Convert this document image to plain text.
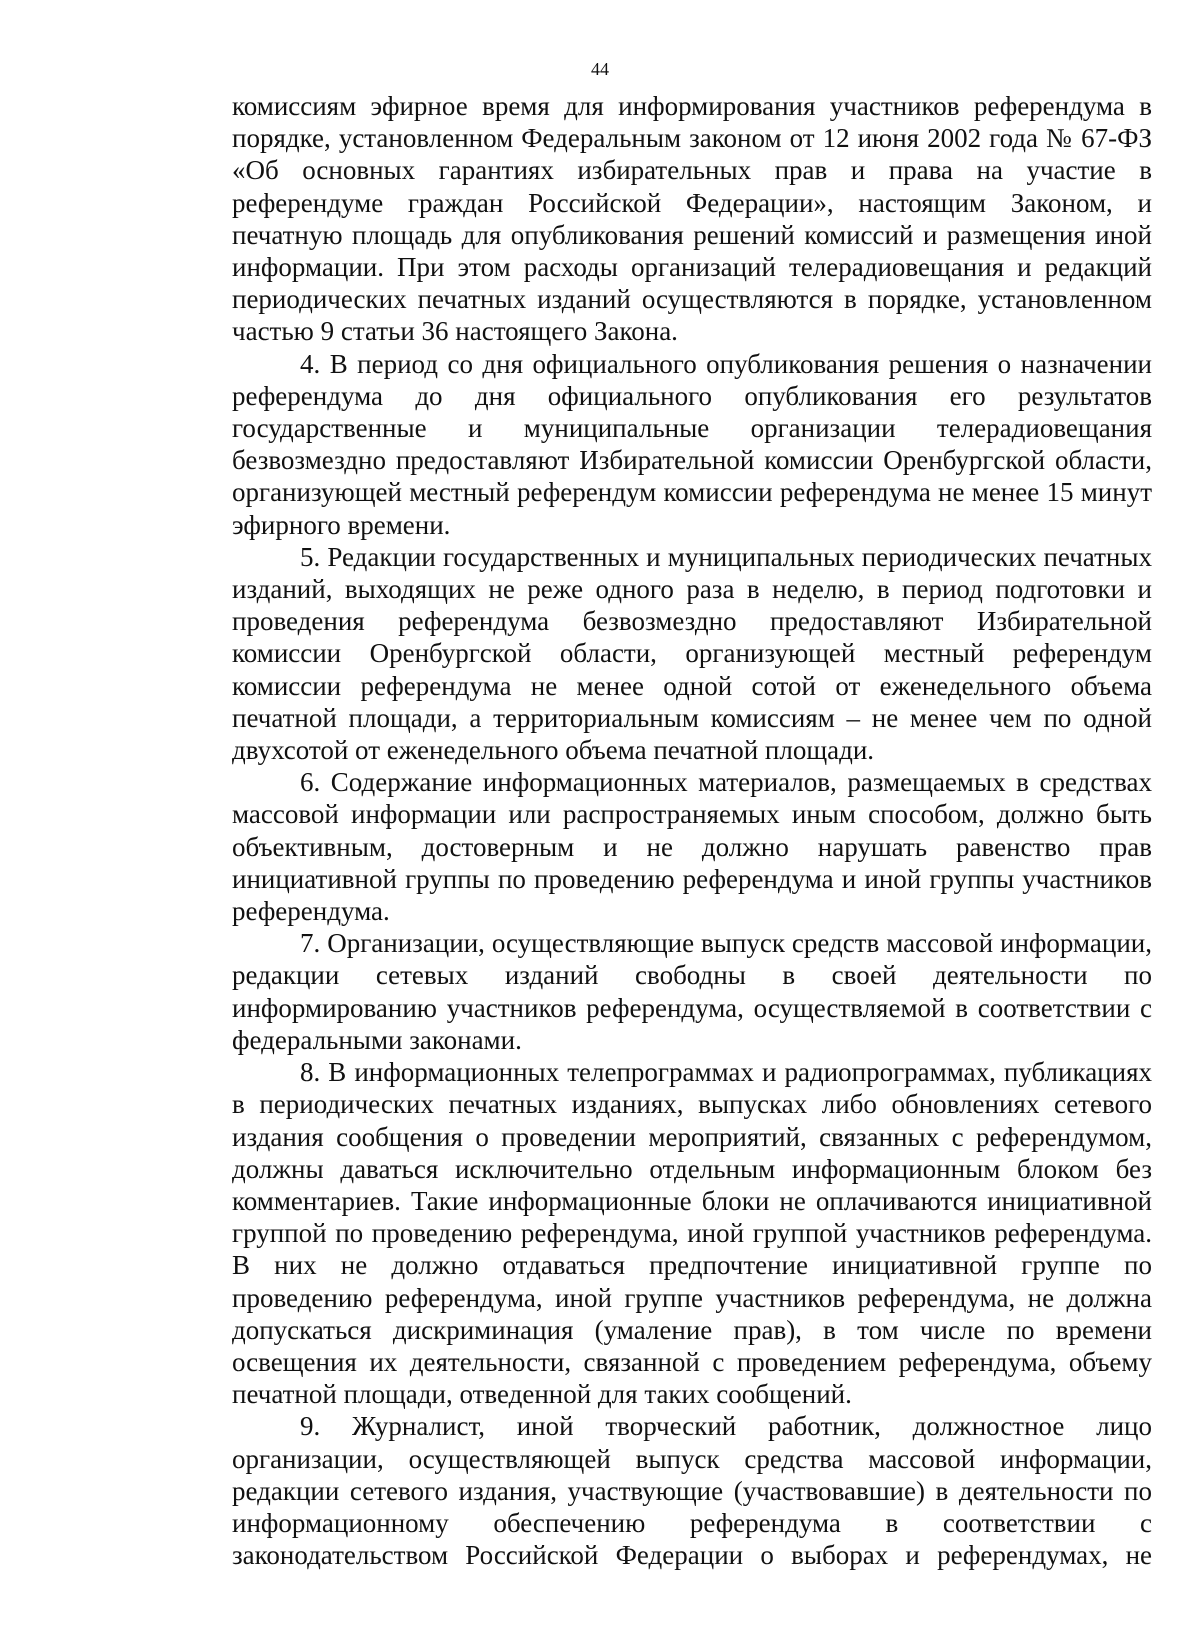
44

комиссиям эфирное время для информирования участников референдума в порядке, установленном Федеральным законом от 12 июня 2002 года № 67-ФЗ «Об основных гарантиях избирательных прав и права на участие в референдуме граждан Российской Федерации», настоящим Законом, и печатную площадь для опубликования решений комиссий и размещения иной информации. При этом расходы организаций телерадиовещания и редакций периодических печатных изданий осуществляются в порядке, установленном частью 9 статьи 36 настоящего Закона.

4. В период со дня официального опубликования решения о назначении референдума до дня официального опубликования его результатов государственные и муниципальные организации телерадиовещания безвозмездно предоставляют Избирательной комиссии Оренбургской области, организующей местный референдум комиссии референдума не менее 15 минут эфирного времени.

5. Редакции государственных и муниципальных периодических печатных изданий, выходящих не реже одного раза в неделю, в период подготовки и проведения референдума безвозмездно предоставляют Избирательной комиссии Оренбургской области, организующей местный референдум комиссии референдума не менее одной сотой от еженедельного объема печатной площади, а территориальным комиссиям – не менее чем по одной двухсотой от еженедельного объема печатной площади.

6. Содержание информационных материалов, размещаемых в средствах массовой информации или распространяемых иным способом, должно быть объективным, достоверным и не должно нарушать равенство прав инициативной группы по проведению референдума и иной группы участников референдума.

7. Организации, осуществляющие выпуск средств массовой информации, редакции сетевых изданий свободны в своей деятельности по информированию участников референдума, осуществляемой в соответствии с федеральными законами.

8. В информационных телепрограммах и радиопрограммах, публикациях в периодических печатных изданиях, выпусках либо обновлениях сетевого издания сообщения о проведении мероприятий, связанных с референдумом, должны даваться исключительно отдельным информационным блоком без комментариев. Такие информационные блоки не оплачиваются инициативной группой по проведению референдума, иной группой участников референдума. В них не должно отдаваться предпочтение инициативной группе по проведению референдума, иной группе участников референдума, не должна допускаться дискриминация (умаление прав), в том числе по времени освещения их деятельности, связанной с проведением референдума, объему печатной площади, отведенной для таких сообщений.

9. Журналист, иной творческий работник, должностное лицо организации, осуществляющей выпуск средства массовой информации, редакции сетевого издания, участвующие (участвовавшие) в деятельности по информационному обеспечению референдума в соответствии с законодательством Российской Федерации о выборах и референдумах, не
